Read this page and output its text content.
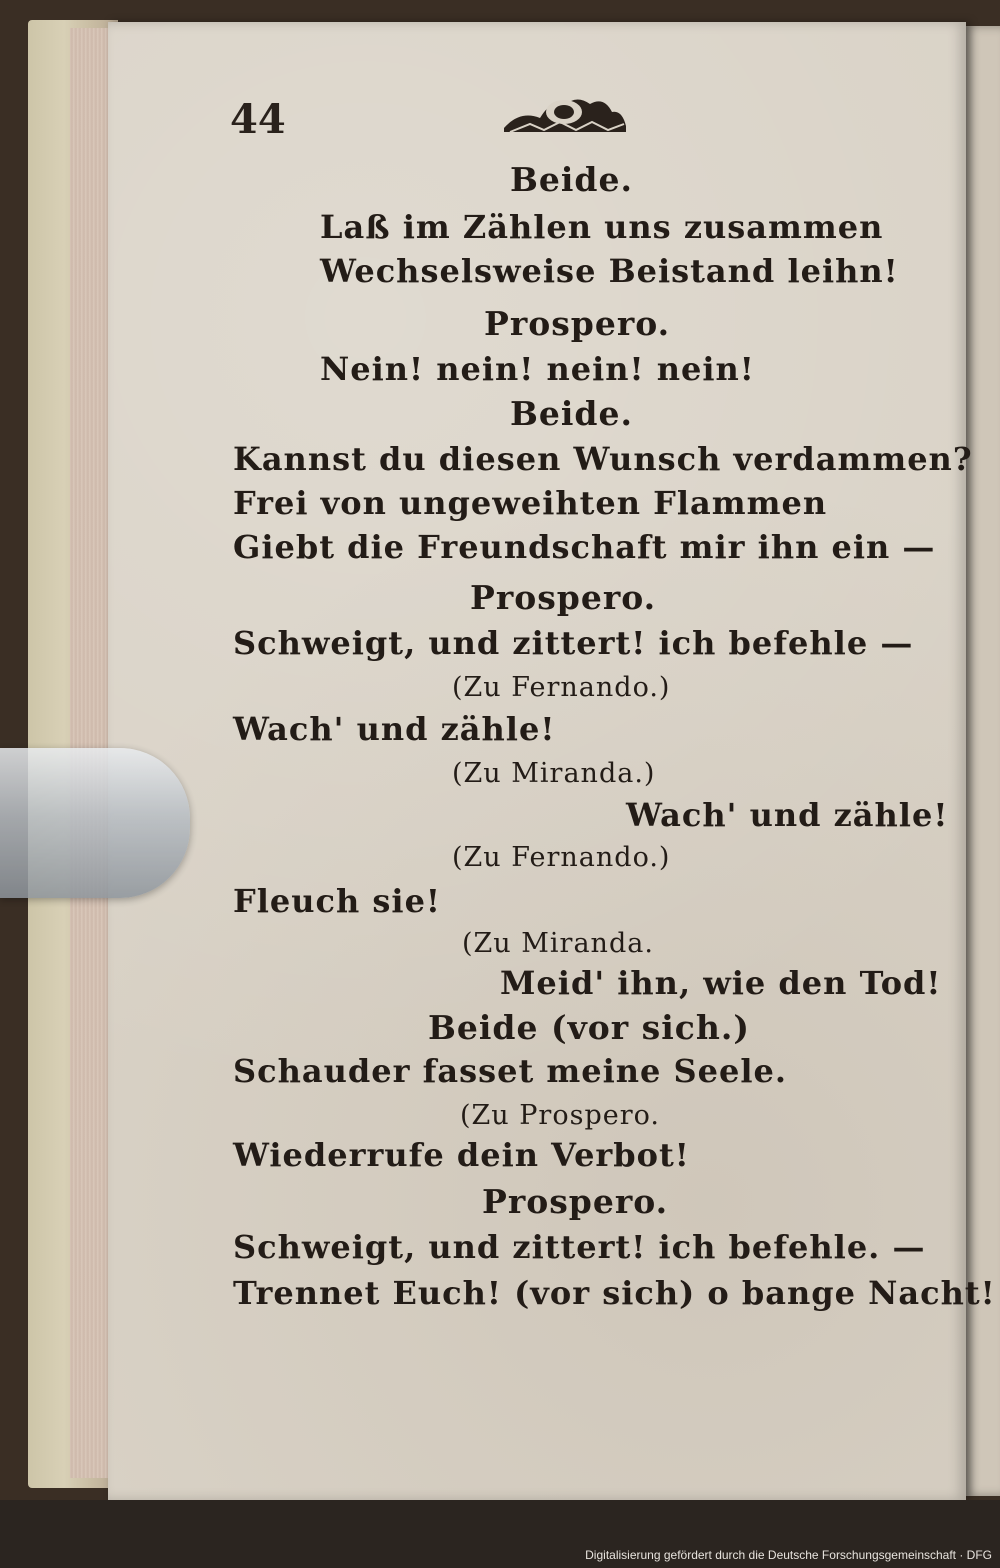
44

Beide.

Laß im Zählen uns zusammen

Wechselsweise Beistand leihn!

Prospero.

Nein! nein! nein! nein!

Beide.

Kannst du diesen Wunsch verdammen?

Frei von ungeweihten Flammen

Giebt die Freundschaft mir ihn ein —

Prospero.

Schweigt, und zittert! ich befehle —

(Zu Fernando.)

Wach' und zähle!

(Zu Miranda.)

Wach' und zähle!

(Zu Fernando.)

Fleuch sie!

(Zu Miranda.

Meid' ihn, wie den Tod!

Beide (vor sich.)

Schauder fasset meine Seele.

(Zu Prospero.

Wiederrufe dein Verbot!

Prospero.

Schweigt, und zittert! ich befehle. —

Trennet Euch! (vor sich) o bange Nacht!

Digitalisierung gefördert durch die Deutsche Forschungsgemeinschaft · DFG
